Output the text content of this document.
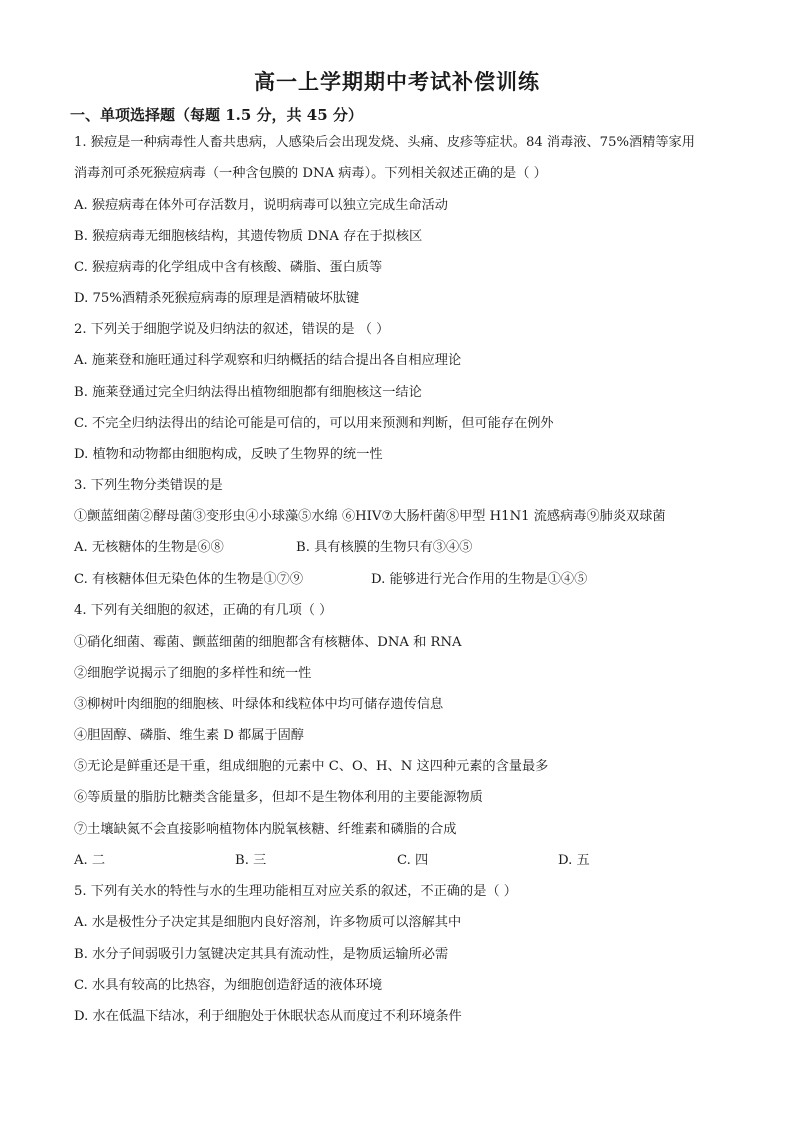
高一上学期期中考试补偿训练
一、单项选择题（每题 1.5 分，共 45 分）
1. 猴痘是一种病毒性人畜共患病，人感染后会出现发烧、头痛、皮疹等症状。84 消毒液、75%酒精等家用
消毒剂可杀死猴痘病毒（一种含包膜的 DNA 病毒）。下列相关叙述正确的是（ ）
A. 猴痘病毒在体外可存活数月，说明病毒可以独立完成生命活动
B. 猴痘病毒无细胞核结构，其遗传物质 DNA 存在于拟核区
C. 猴痘病毒的化学组成中含有核酸、磷脂、蛋白质等
D. 75%酒精杀死猴痘病毒的原理是酒精破坏肽键
2. 下列关于细胞学说及归纳法的叙述，错误的是 （ ）
A. 施莱登和施旺通过科学观察和归纳概括的结合提出各自相应理论
B. 施莱登通过完全归纳法得出植物细胞都有细胞核这一结论
C. 不完全归纳法得出的结论可能是可信的，可以用来预测和判断，但可能存在例外
D. 植物和动物都由细胞构成，反映了生物界的统一性
3. 下列生物分类错误的是
①颤蓝细菌②酵母菌③变形虫④小球藻⑤水绵 ⑥HIV⑦大肠杆菌⑧甲型 H1N1 流感病毒⑨肺炎双球菌
A. 无核糖体的生物是⑥⑧	B. 具有核膜的生物只有③④⑤
C. 有核糖体但无染色体的生物是①⑦⑨	D. 能够进行光合作用的生物是①④⑤
4. 下列有关细胞的叙述，正确的有几项（ ）
①硝化细菌、霉菌、颤蓝细菌的细胞都含有核糖体、DNA 和 RNA
②细胞学说揭示了细胞的多样性和统一性
③柳树叶肉细胞的细胞核、叶绿体和线粒体中均可储存遗传信息
④胆固醇、磷脂、维生素 D 都属于固醇
⑤无论是鲜重还是干重，组成细胞的元素中 C、O、H、N 这四种元素的含量最多
⑥等质量的脂肪比糖类含能量多，但却不是生物体利用的主要能源物质
⑦土壤缺氮不会直接影响植物体内脱氧核糖、纤维素和磷脂的合成
A. 二	B. 三	C. 四	D. 五
5. 下列有关水的特性与水的生理功能相互对应关系的叙述，不正确的是（ ）
A. 水是极性分子决定其是细胞内良好溶剂，许多物质可以溶解其中
B. 水分子间弱吸引力氢键决定其具有流动性，是物质运输所必需
C. 水具有较高的比热容，为细胞创造舒适的液体环境
D. 水在低温下结冰，利于细胞处于休眠状态从而度过不利环境条件
